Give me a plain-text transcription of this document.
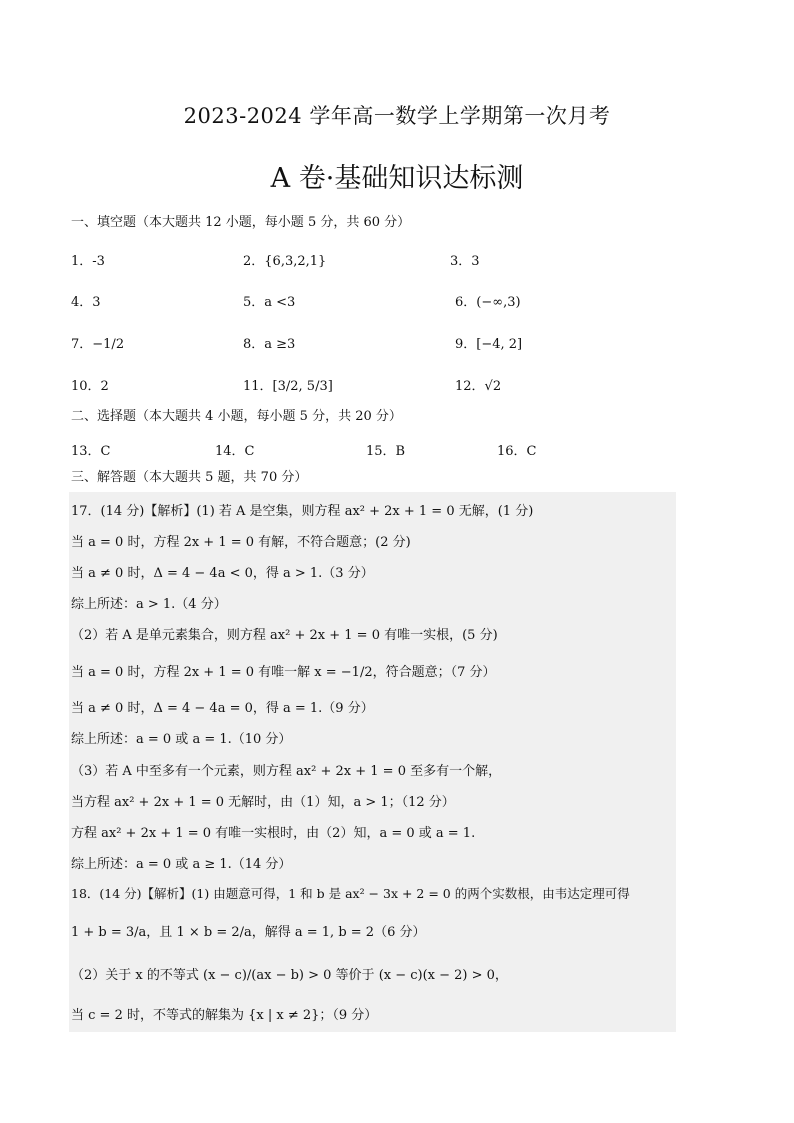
2023-2024 学年高一数学上学期第一次月考
A 卷·基础知识达标测
一、填空题（本大题共 12 小题，每小题 5 分，共 60 分）
1．-3	2．{6,3,2,1}	3．3
4．3	5．a <3	6．(−∞,3)
7．−1/2	8．a ≥3	9．[−4, 2]
10．2	11．[3/2, 5/3]	12．√2
二、选择题（本大题共 4 小题，每小题 5 分，共 20 分）
13．C	14．C	15．B	16．C
三、解答题（本大题共 5 题，共 70 分）
17．(14 分)【解析】(1) 若 A 是空集，则方程 ax² + 2x + 1 = 0 无解，(1 分)
当 a = 0 时，方程 2x + 1 = 0 有解，不符合题意；(2 分)
当 a ≠ 0 时，Δ = 4 − 4a < 0，得 a > 1.（3 分）
综上所述：a > 1.（4 分）
（2）若 A 是单元素集合，则方程 ax² + 2x + 1 = 0 有唯一实根，(5 分)
当 a = 0 时，方程 2x + 1 = 0 有唯一解 x = −1/2，符合题意；（7 分）
当 a ≠ 0 时，Δ = 4 − 4a = 0，得 a = 1.（9 分）
综上所述：a = 0 或 a = 1.（10 分）
（3）若 A 中至多有一个元素，则方程 ax² + 2x + 1 = 0 至多有一个解，
当方程 ax² + 2x + 1 = 0 无解时，由（1）知，a > 1；（12 分）
方程 ax² + 2x + 1 = 0 有唯一实根时，由（2）知，a = 0 或 a = 1.
综上所述：a = 0 或 a ≥ 1.（14 分）
18．(14 分)【解析】(1) 由题意可得，1 和 b 是 ax² − 3x + 2 = 0 的两个实数根，由韦达定理可得
1 + b = 3/a，且 1 × b = 2/a，解得 a = 1, b = 2（6 分）
（2）关于 x 的不等式 (x − c)/(ax − b) > 0 等价于 (x − c)(x − 2) > 0，
当 c = 2 时，不等式的解集为 {x | x ≠ 2}；（9 分）
